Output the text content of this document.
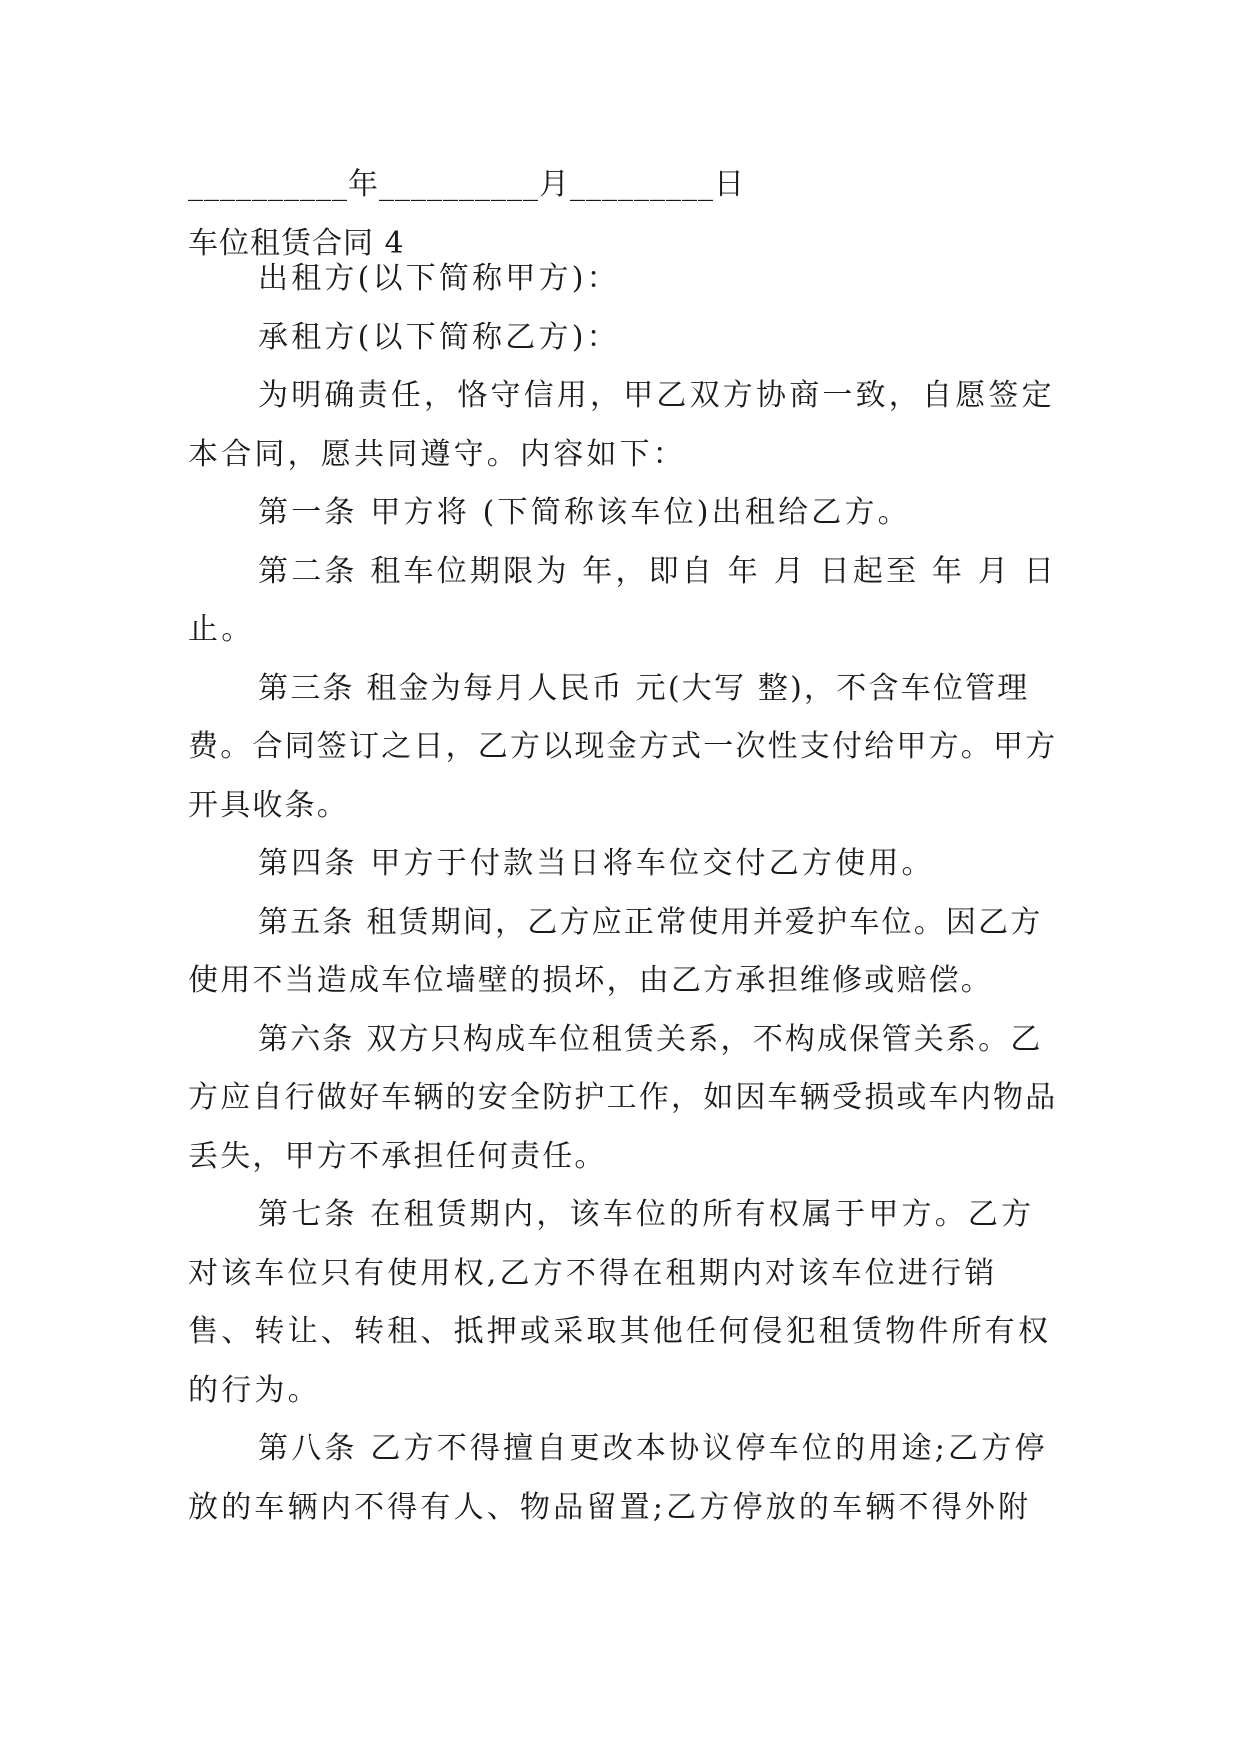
__________年__________月_________日
车位租赁合同 4

出租方(以下简称甲方)：

承租方(以下简称乙方)：

为明确责任，恪守信用，甲乙双方协商一致，自愿签定本合同，愿共同遵守。内容如下：

第一条 甲方将 (下简称该车位)出租给乙方。

第二条 租车位期限为 年，即自 年 月 日起至 年 月 日止。

第三条 租金为每月人民币 元(大写 整)，不含车位管理费。合同签订之日，乙方以现金方式一次性支付给甲方。甲方开具收条。

第四条 甲方于付款当日将车位交付乙方使用。

第五条 租赁期间，乙方应正常使用并爱护车位。因乙方使用不当造成车位墙壁的损坏，由乙方承担维修或赔偿。

第六条 双方只构成车位租赁关系，不构成保管关系。乙方应自行做好车辆的安全防护工作，如因车辆受损或车内物品丢失，甲方不承担任何责任。

第七条 在租赁期内，该车位的所有权属于甲方。乙方对该车位只有使用权,乙方不得在租期内对该车位进行销售、转让、转租、抵押或采取其他任何侵犯租赁物件所有权的行为。

第八条 乙方不得擅自更改本协议停车位的用途;乙方停放的车辆内不得有人、物品留置;乙方停放的车辆不得外附
